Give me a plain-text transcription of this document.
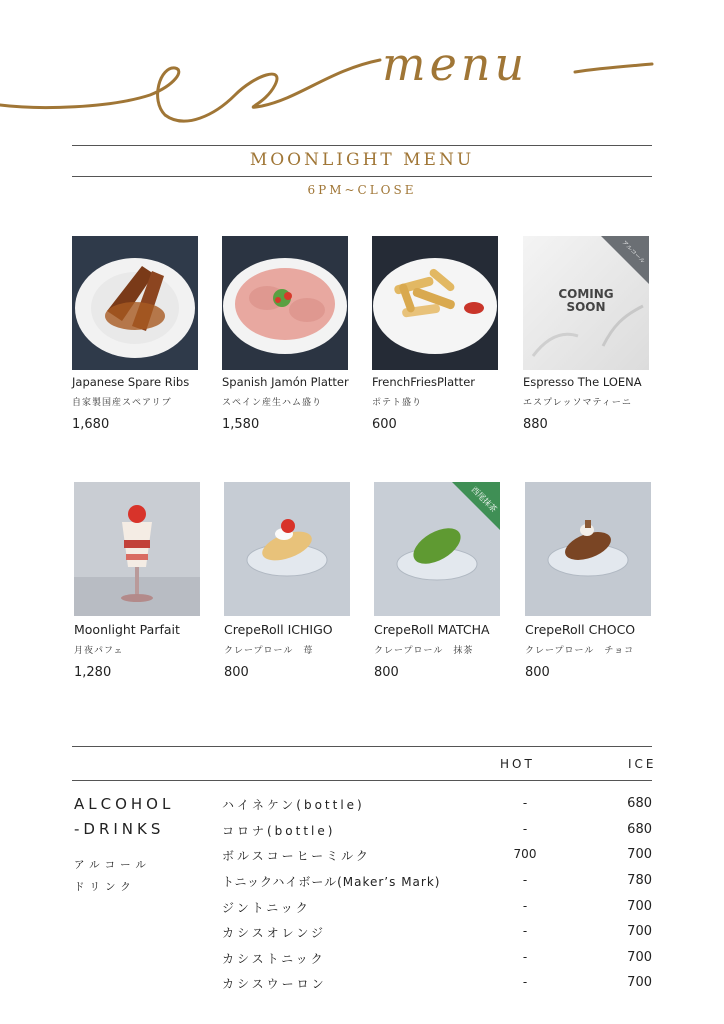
menu
MOONLIGHT MENU
6PM~CLOSE
Japanese Spare Ribs
自家製国産スペアリブ
1,680
Spanish Jamón Platter
スペイン産生ハム盛り
1,580
FrenchFriesPlatter
ポテト盛り
600
COMING
SOON
アルコール
Espresso The LOENA
エスプレッソマティーニ
880
Moonlight Parfait
月夜パフェ
1,280
CrepeRoll ICHIGO
クレープロール　苺
800
西尾抹茶
CrepeRoll MATCHA
クレープロール　抹茶
800
CrepeRoll CHOCO
クレープロール　チョコ
800
HOT	ICE
ALCOHOL
-DRINKS
アルコール
ドリンク
ハイネケン(bottle)	-	680
コロナ(bottle)	-	680
ボルスコーヒーミルク	700	700
トニックハイボール(Maker’s Mark)	-	780
ジントニック	-	700
カシスオレンジ	-	700
カシストニック	-	700
カシスウーロン	-	700
